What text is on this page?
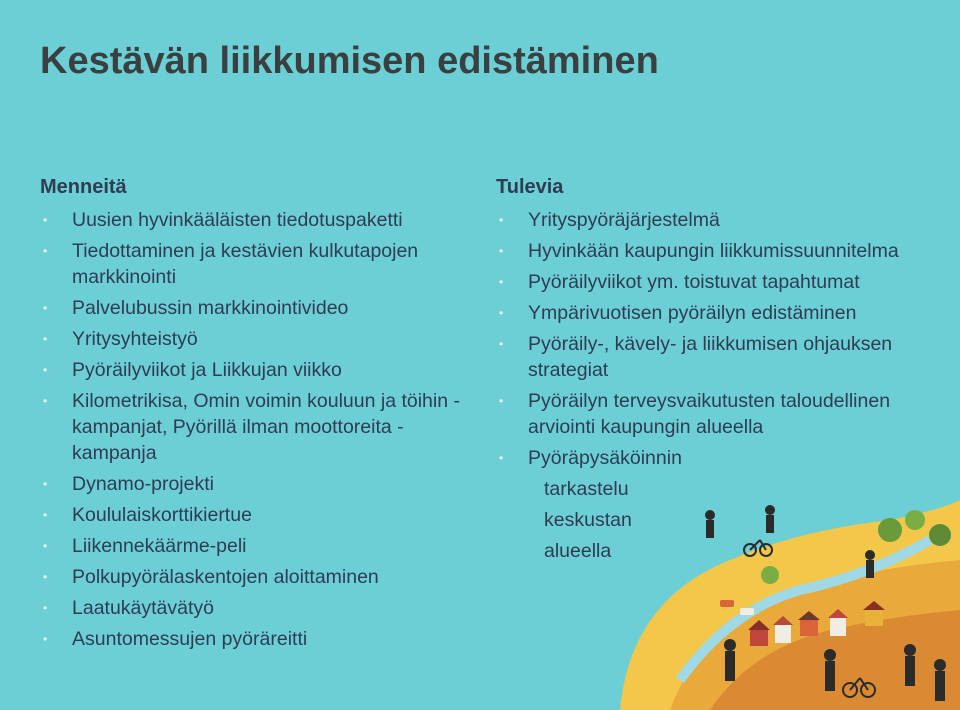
Kestävän liikkumisen edistäminen
Menneitä
• Uusien hyvinkääläisten tiedotuspaketti
• Tiedottaminen ja kestävien kulkutapojen markkinointi
• Palvelubussin markkinointivideo
• Yritysyhteistyö
• Pyöräilyviikot ja Liikkujan viikko
• Kilometrikisa, Omin voimin kouluun ja töihin -kampanjat, Pyörillä ilman moottoreita -kampanja
• Dynamo-projekti
• Koululaiskorttikiertue
• Liikennekäärme-peli
• Polkupyörälaskentojen aloittaminen
• Laatukäytävätyö
• Asuntomessujen pyöräreitti
Tulevia
• Yrityspyöräjärjestelmä
• Hyvinkään kaupungin liikkumissuunnitelma
• Pyöräilyviikot ym. toistuvat tapahtumat
• Ympärivuotisen pyöräilyn edistäminen
• Pyöräily-, kävely- ja liikkumisen ohjauksen strategiat
• Pyöräilyn terveysvaikutusten taloudellinen arviointi kaupungin alueella
• Pyöräpysäköinnin
tarkastelu
keskustan
alueella
